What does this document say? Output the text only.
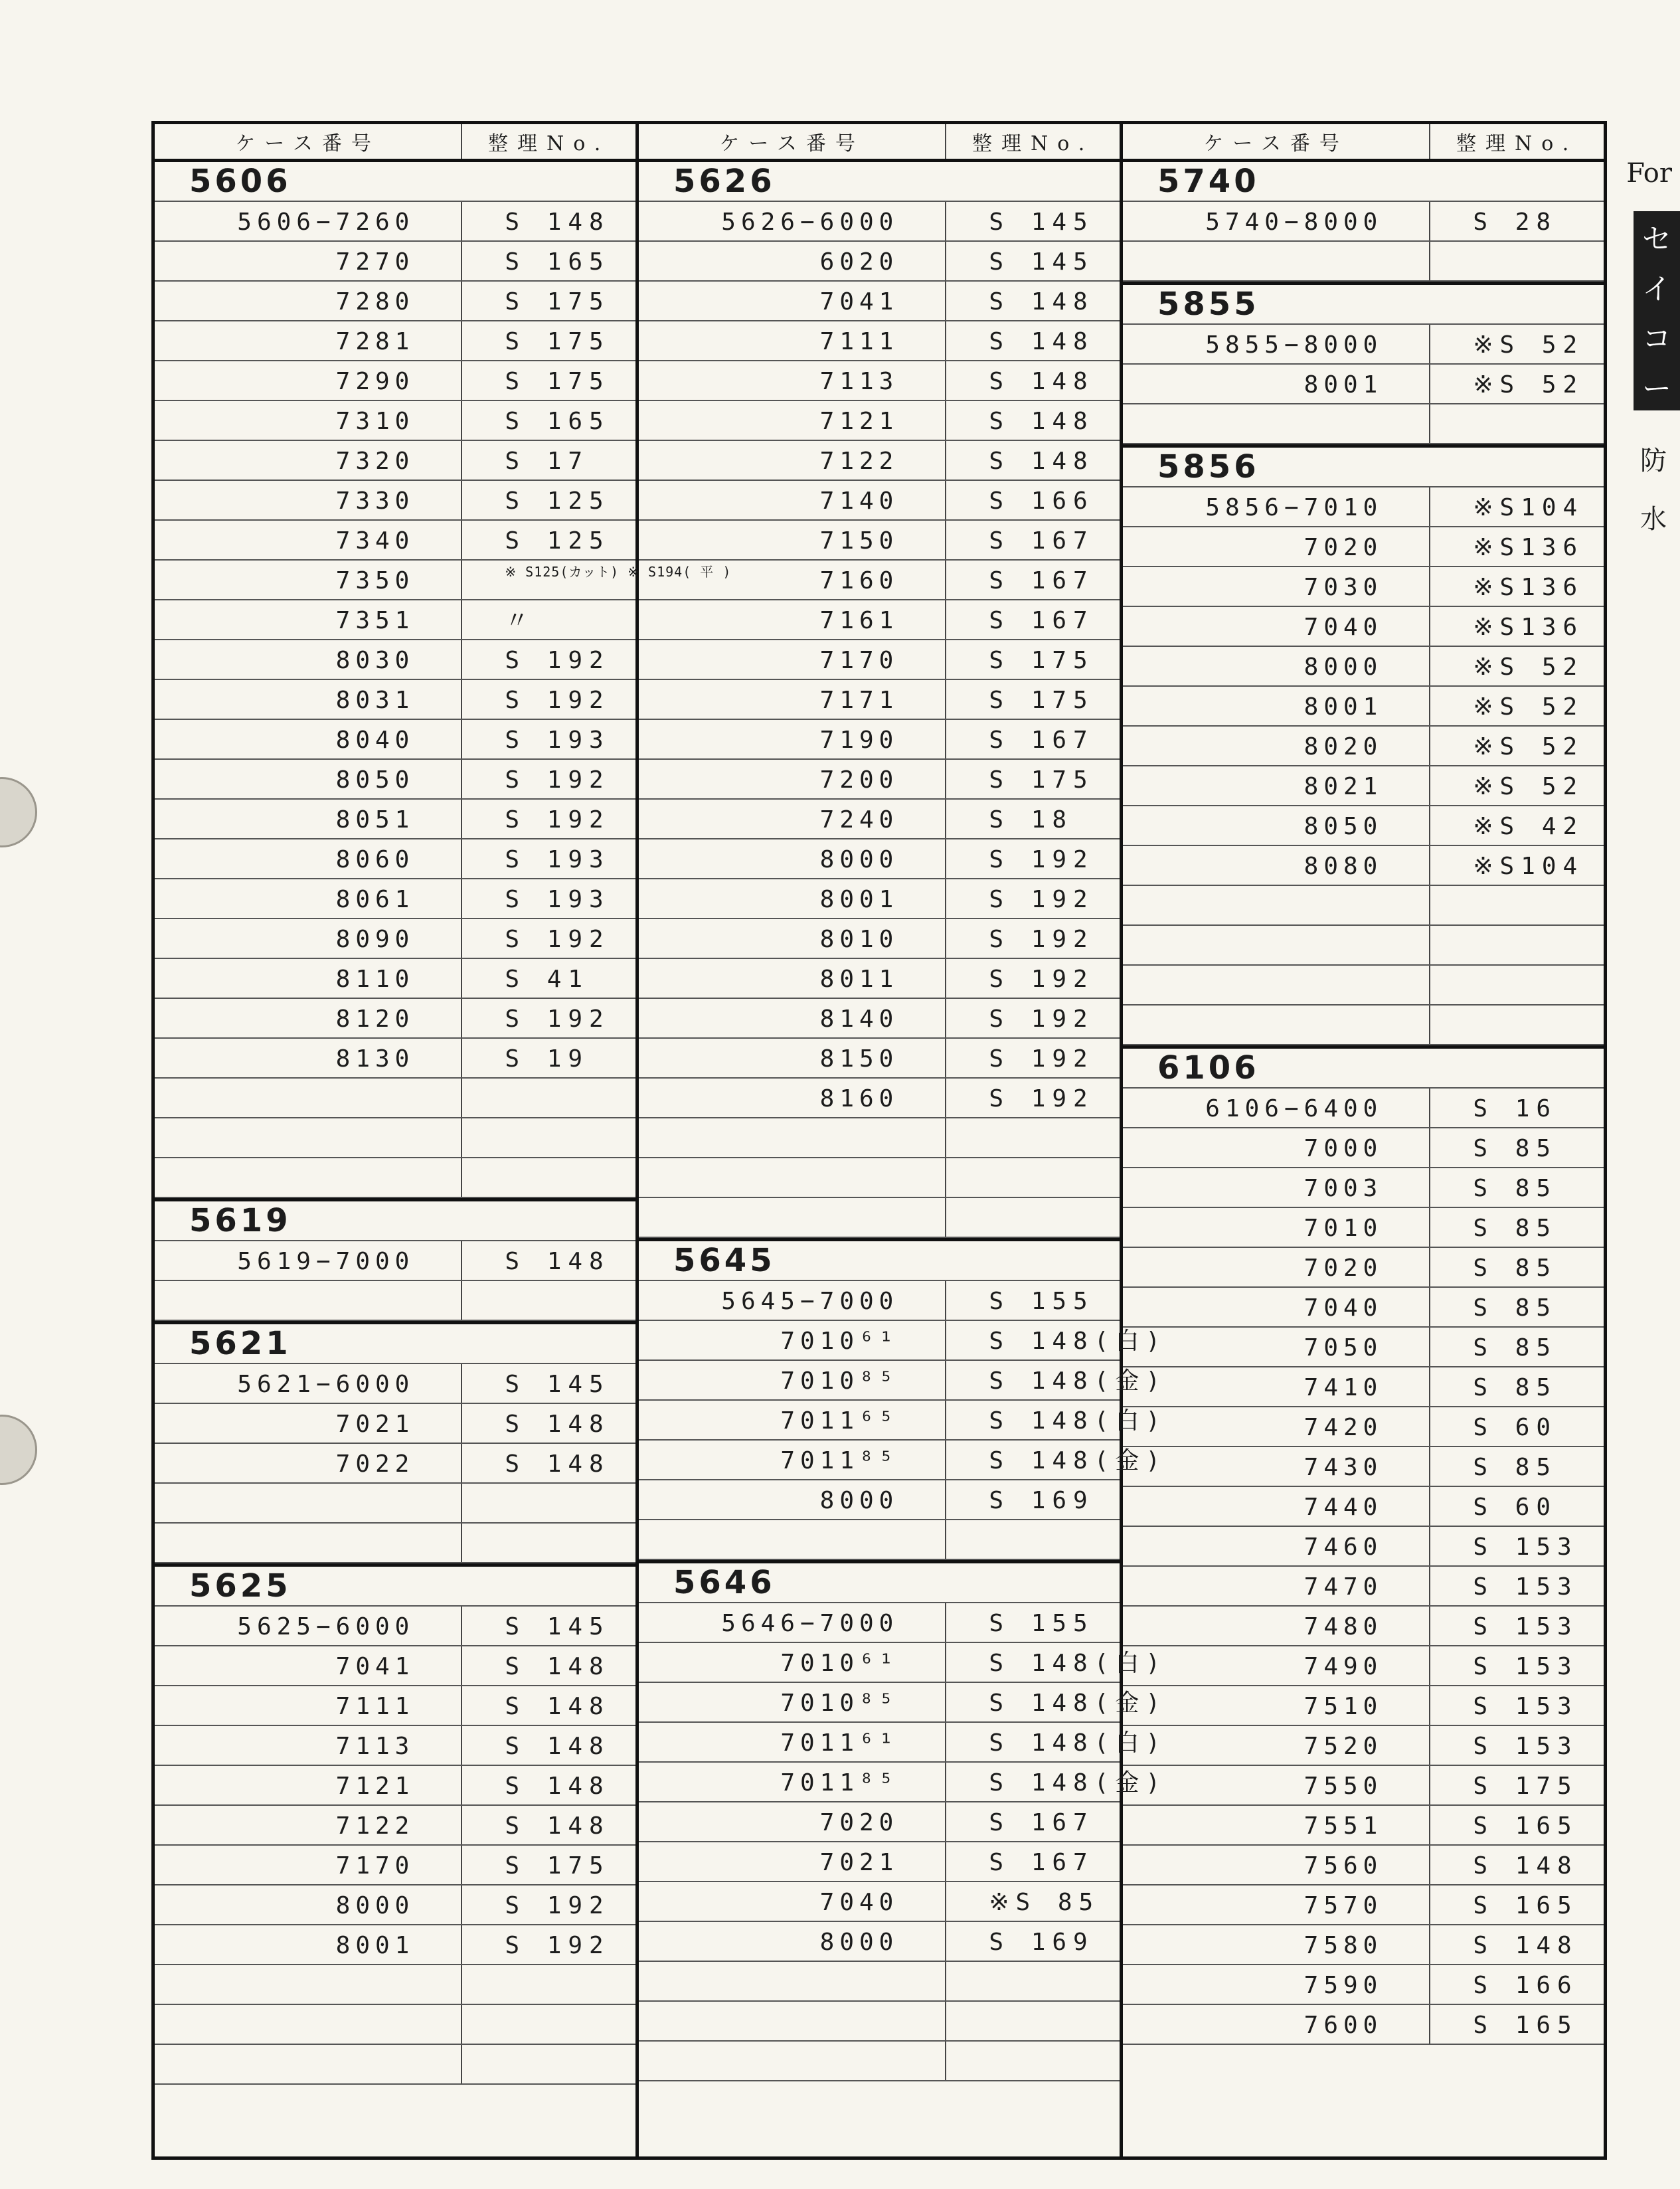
For
セ
イ
コ
ー
防
水
ケース番号	整理No.
5606
5606−7260	S 148
7270	S 165
7280	S 175
7281	S 175
7290	S 175
7310	S 165
7320	S 17
7330	S 125
7340	S 125
7350	※ S125(カット) ※ S194( 平 )
7351	〃
8030	S 192
8031	S 192
8040	S 193
8050	S 192
8051	S 192
8060	S 193
8061	S 193
8090	S 192
8110	S 41
8120	S 192
8130	S 19
5619
5619−7000	S 148
5621
5621−6000	S 145
7021	S 148
7022	S 148
5625
5625−6000	S 145
7041	S 148
7111	S 148
7113	S 148
7121	S 148
7122	S 148
7170	S 175
8000	S 192
8001	S 192
ケース番号	整理No.
5626
5626−6000	S 145
6020	S 145
7041	S 148
7111	S 148
7113	S 148
7121	S 148
7122	S 148
7140	S 166
7150	S 167
7160	S 167
7161	S 167
7170	S 175
7171	S 175
7190	S 167
7200	S 175
7240	S 18
8000	S 192
8001	S 192
8010	S 192
8011	S 192
8140	S 192
8150	S 192
8160	S 192
5645
5645−7000	S 155
7010⁶¹	S 148(白)
7010⁸⁵	S 148(金)
7011⁶⁵	S 148(白)
7011⁸⁵	S 148(金)
8000	S 169
5646
5646−7000	S 155
7010⁶¹	S 148(白)
7010⁸⁵	S 148(金)
7011⁶¹	S 148(白)
7011⁸⁵	S 148(金)
7020	S 167
7021	S 167
7040	※S 85
8000	S 169
ケース番号	整理No.
5740
5740−8000	S 28
5855
5855−8000	※S 52
8001	※S 52
5856
5856−7010	※S104
7020	※S136
7030	※S136
7040	※S136
8000	※S 52
8001	※S 52
8020	※S 52
8021	※S 52
8050	※S 42
8080	※S104
6106
6106−6400	S 16
7000	S 85
7003	S 85
7010	S 85
7020	S 85
7040	S 85
7050	S 85
7410	S 85
7420	S 60
7430	S 85
7440	S 60
7460	S 153
7470	S 153
7480	S 153
7490	S 153
7510	S 153
7520	S 153
7550	S 175
7551	S 165
7560	S 148
7570	S 165
7580	S 148
7590	S 166
7600	S 165
